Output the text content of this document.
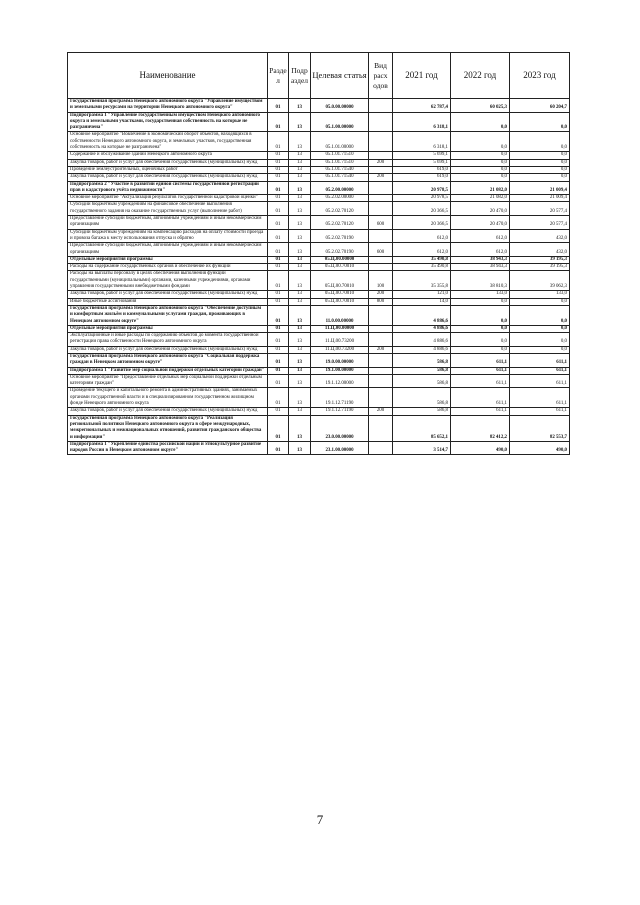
Наименование	Разде л	Подр аздел	Целевая статья	Вид расх одов	2021 год	2022 год	2023 год
Государственная программа Ненецкого автономного округа "Управление имуществом и земельными ресурсами на территории Ненецкого автономного округа"	01	13	05.0.00.00000		62 787,4	60 025,3	60 204,7
Подпрограмма 1 "Управление государственным имуществом Ненецкого автономного округа и земельными участками, государственная собственность на которые не разграничена"	01	13	05.1.00.00000		6 318,1	0,0	0,0
Основное мероприятие "Вовлечение в экономический оборот объектов, находящихся в собственности Ненецкого автономного округа, и земельных участков, государственная собственность на которые не разграничена"	01	13	05.1.01.00000		6 318,1	0,0	0,0
Содержание и обслуживание зданий Ненецкого автономного округа	01	13	05.1.01.71510		5 699,1	0,0	0,0
Закупка товаров, работ и услуг для обеспечения государственных (муниципальных) нужд	01	13	05.1.01.71510	200	5 699,1	0,0	0,0
Проведение землеустроительных, оценочных работ	01	13	05.1.01.71540		619,0	0,0	0,0
Закупка товаров, работ и услуг для обеспечения государственных (муниципальных) нужд	01	13	05.1.01.71540	200	619,0	0,0	0,0
Подпрограмма 2 "Участие в развитии единой системы государственной регистрации прав и кадастрового учёта недвижимости"	01	13	05.2.00.00000		20 978,5	21 082,0	21 009,4
Основное мероприятие "Актуализация результатов государственной кадастровой оценки"	01	13	05.2.02.00000		20 978,5	21 082,0	21 009,4
Субсидии бюджетным учреждениям на финансовое обеспечение выполнения государственного задания на оказание государственных услуг (выполнение работ)	01	13	05.2.02.70120		20 366,5	20 470,0	20 577,4
Предоставление субсидий бюджетным, автономным учреждениям и иным некоммерческим организациям	01	13	05.2.02.70120	600	20 366,5	20 470,0	20 577,4
Субсидии бюджетным учреждениям на компенсацию расходов на оплату стоимости проезда и провоза багажа к месту использования отпуска и обратно	01	13	05.2.02.70190		612,0	612,0	432,0
Предоставление субсидий бюджетным, автономным учреждениям и иным некоммерческим организациям	01	13	05.2.02.70190	600	612,0	612,0	432,0
Отдельные мероприятия программы	01	13	05.Ц.00.00000		35 490,8	38 943,3	39 195,3
Расходы на содержание государственных органов и обеспечение их функций	01	13	05.Ц.00.70010		35 490,8	38 943,3	39 195,3
Расходы на выплаты персоналу в целях обеспечения выполнения функций государственными (муниципальными) органами, казенными учреждениями, органами управления государственными внебюджетными фондами	01	13	05.Ц.00.70010	100	35 355,8	38 810,3	39 062,3
Закупка товаров, работ и услуг для обеспечения государственных (муниципальных) нужд	01	13	05.Ц.00.70010	200	121,0	133,0	133,0
Иные бюджетные ассигнования	01	13	05.Ц.00.70010	800	14,0	0,0	0,0
Государственная программа Ненецкого автономного округа "Обеспечение доступным и комфортным жильём и коммунальными услугами граждан, проживающих в Ненецком автономном округе"	01	13	11.0.00.00000		4 886,6	0,0	0,0
Отдельные мероприятия программы	01	13	11.Ц.00.00000		4 886,6	0,0	0,0
Эксплуатационные и иные расходы по содержанию объектов до момента государственной регистрации права собственности Ненецкого автономного округа	01	13	11.Ц.00.73200		4 886,6	0,0	0,0
Закупка товаров, работ и услуг для обеспечения государственных (муниципальных) нужд	01	13	11.Ц.00.73200	200	4 886,6	0,0	0,0
Государственная программа Ненецкого автономного округа "Социальная поддержка граждан в Ненецком автономном округе"	01	13	19.0.00.00000		586,8	611,1	611,1
Подпрограмма 1 "Развитие мер социальной поддержки отдельных категорий граждан"	01	13	19.1.00.00000		586,8	611,1	611,1
Основное мероприятие "Предоставление отдельных мер социальной поддержки отдельным категориям граждан"	01	13	19.1.12.00000		586,8	611,1	611,1
Проведение текущего и капитального ремонта в административных зданиях, занимаемых органами государственной власти и в специализированном государственном жилищном фонде Ненецкого автономного округа	01	13	19.1.12.71190		586,8	611,1	611,1
Закупка товаров, работ и услуг для обеспечения государственных (муниципальных) нужд	01	13	19.1.12.71190	200	586,8	611,1	611,1
Государственная программа Ненецкого автономного округа "Реализация региональной политики Ненецкого автономного округа в сфере международных, межрегиональных и межнациональных отношений, развития гражданского общества и информации"	01	13	23.0.00.00000		85 652,1	82 412,2	82 553,7
Подпрограмма 1 "Укрепление единства российской нации и этнокультурное развитие народов России в Ненецком автономном округе"	01	13	23.1.00.00000		3 514,7	490,0	490,0
7
